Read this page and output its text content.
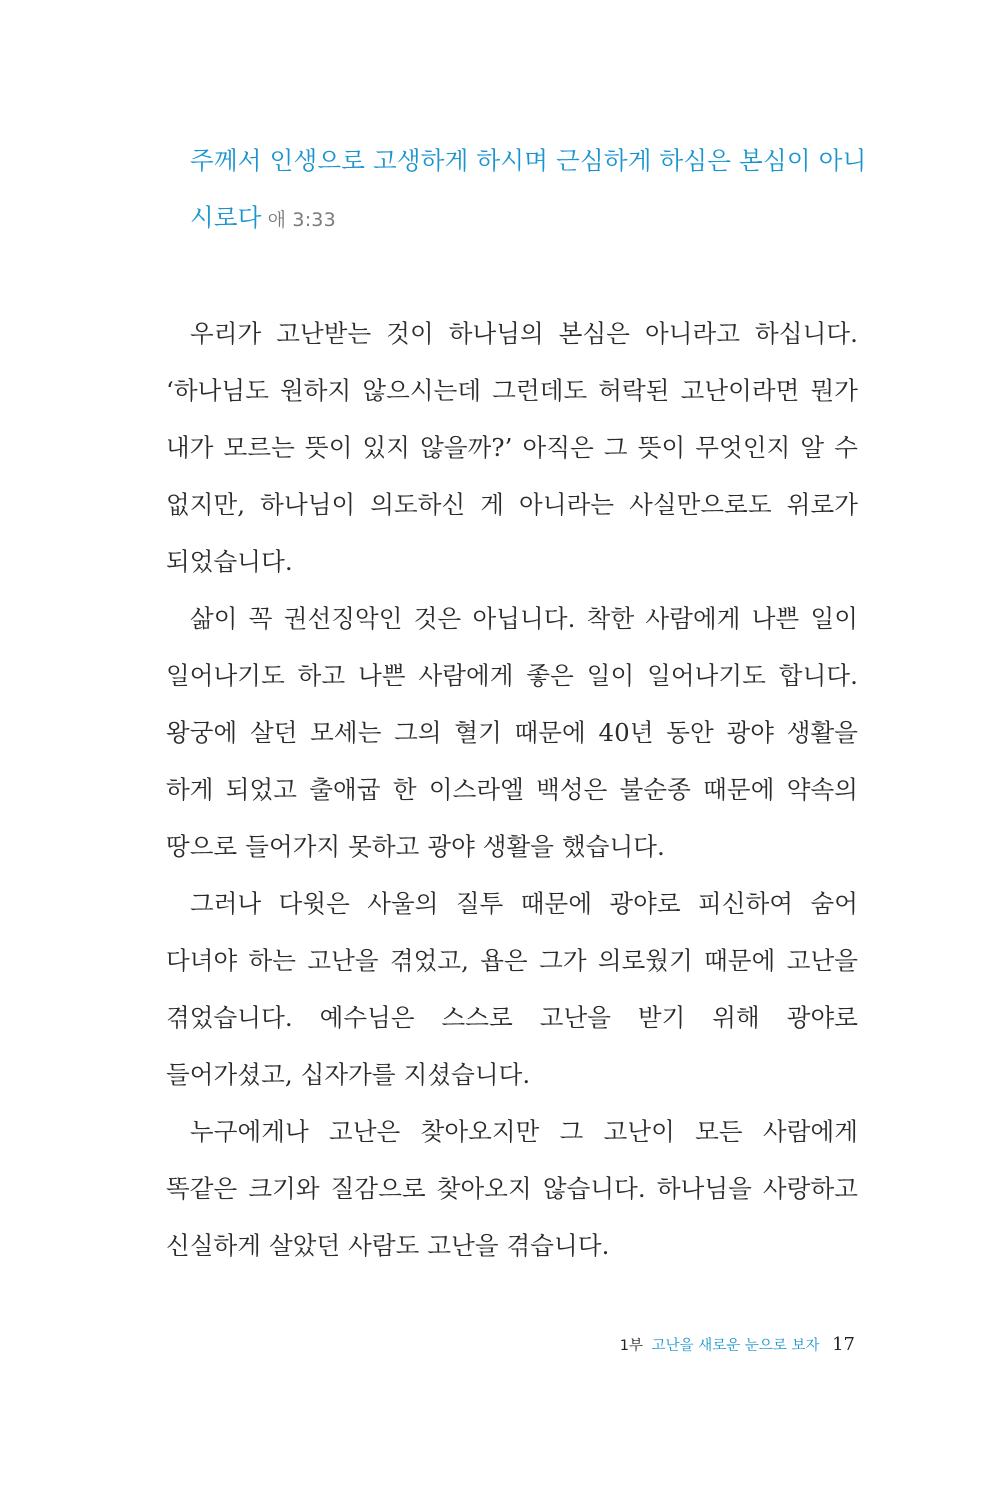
주께서 인생으로 고생하게 하시며 근심하게 하심은 본심이 아니시로다 애 3:33

우리가 고난받는 것이 하나님의 본심은 아니라고 하십니다. ‘하나님도 원하지 않으시는데 그런데도 허락된 고난이라면 뭔가 내가 모르는 뜻이 있지 않을까?’ 아직은 그 뜻이 무엇인지 알 수 없지만, 하나님이 의도하신 게 아니라는 사실만으로도 위로가 되었습니다.

삶이 꼭 권선징악인 것은 아닙니다. 착한 사람에게 나쁜 일이 일어나기도 하고 나쁜 사람에게 좋은 일이 일어나기도 합니다. 왕궁에 살던 모세는 그의 혈기 때문에 40년 동안 광야 생활을 하게 되었고 출애굽 한 이스라엘 백성은 불순종 때문에 약속의 땅으로 들어가지 못하고 광야 생활을 했습니다.

그러나 다윗은 사울의 질투 때문에 광야로 피신하여 숨어 다녀야 하는 고난을 겪었고, 욥은 그가 의로웠기 때문에 고난을 겪었습니다. 예수님은 스스로 고난을 받기 위해 광야로 들어가셨고, 십자가를 지셨습니다.

누구에게나 고난은 찾아오지만 그 고난이 모든 사람에게 똑같은 크기와 질감으로 찾아오지 않습니다. 하나님을 사랑하고 신실하게 살았던 사람도 고난을 겪습니다.

1부 고난을 새로운 눈으로 보자 17
